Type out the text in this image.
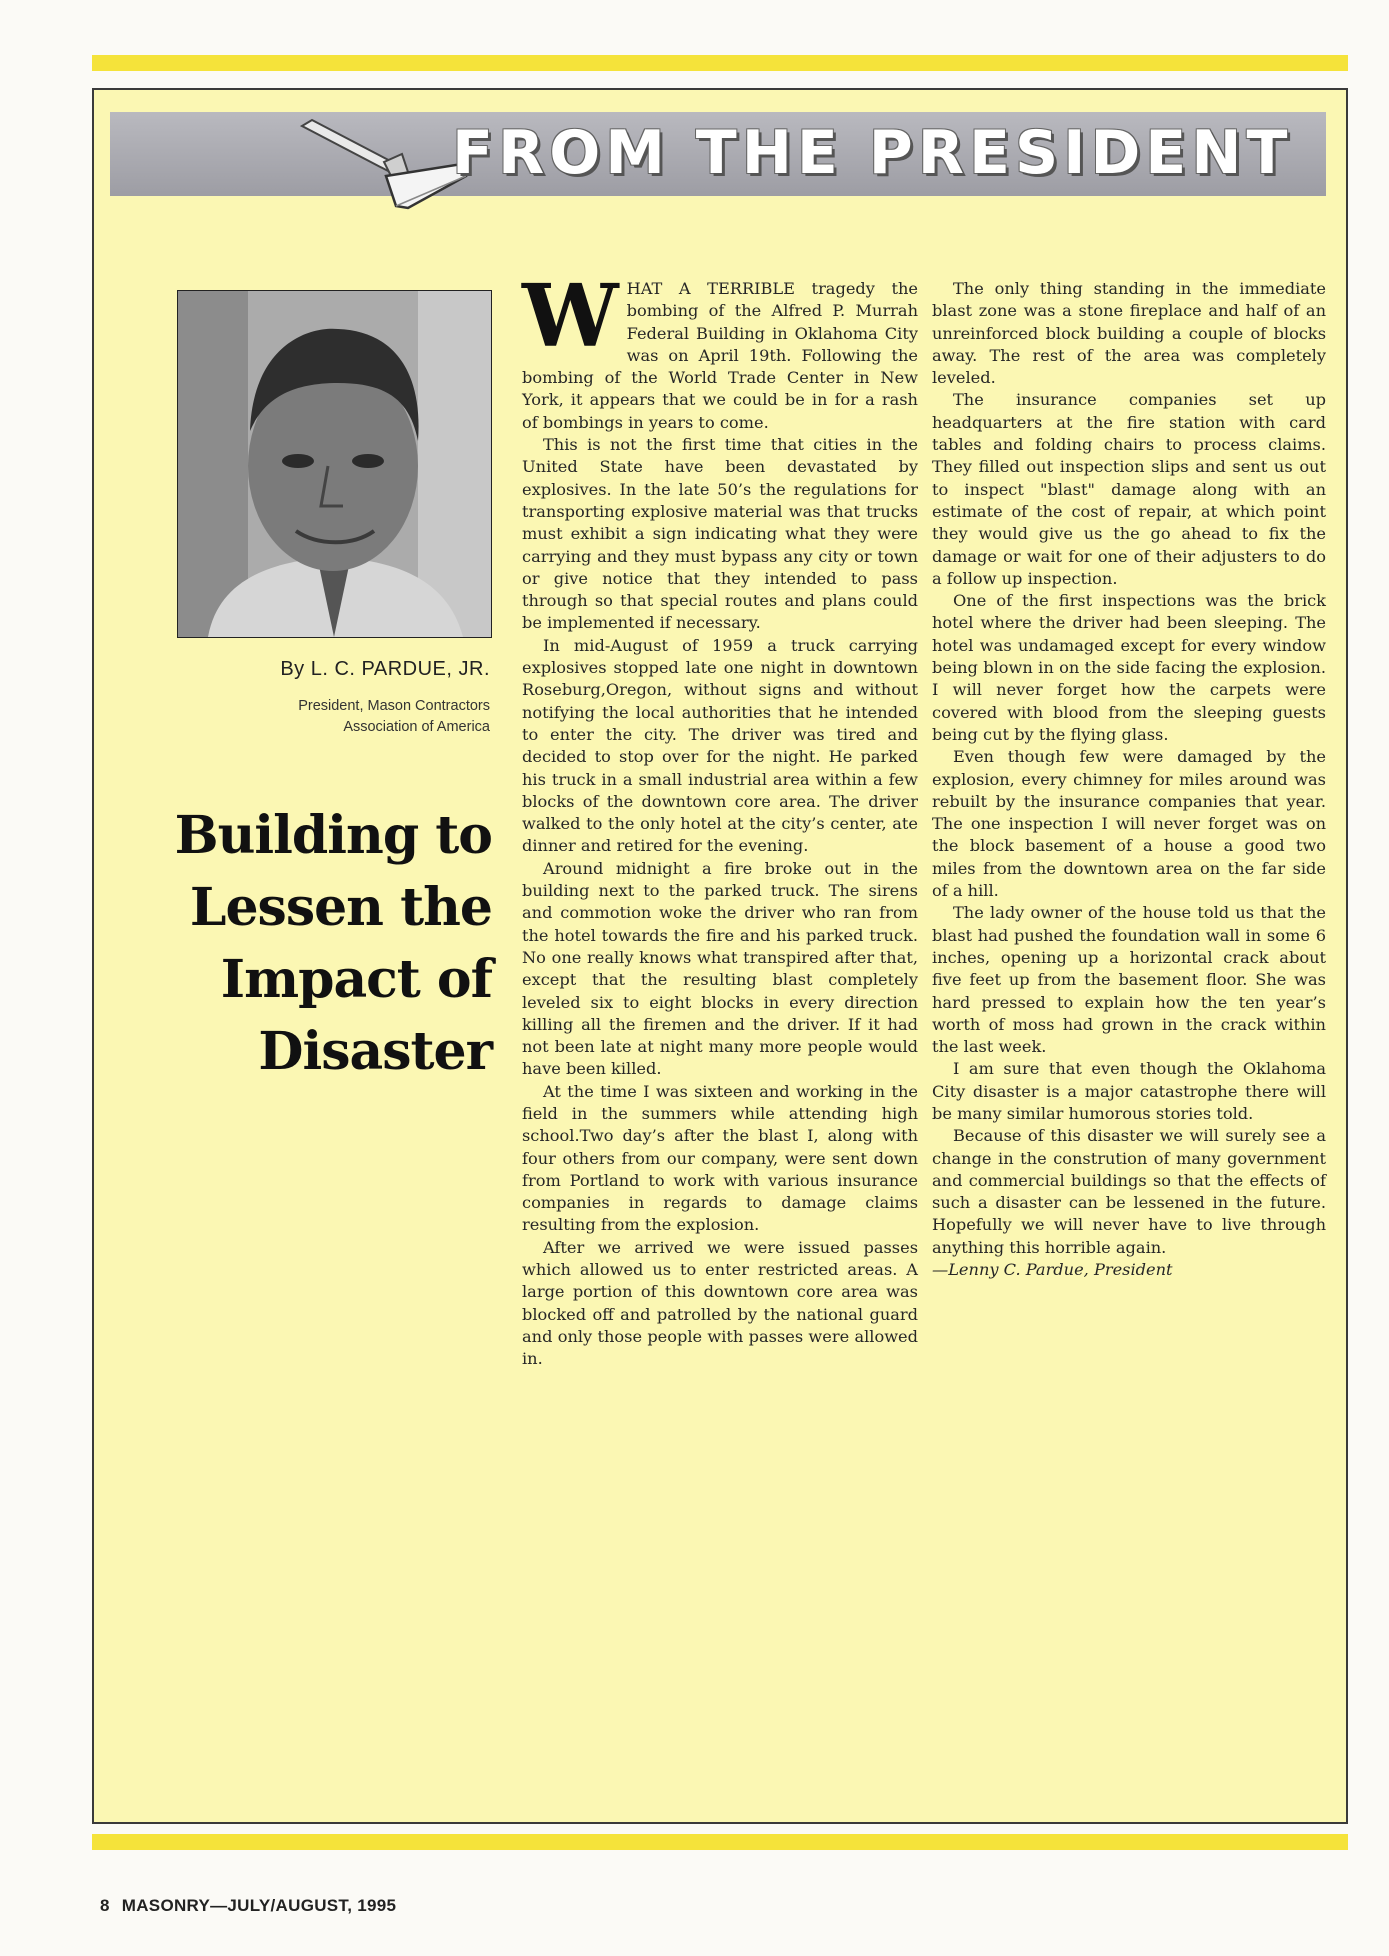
FROM THE PRESIDENT
By L. C. PARDUE, JR.
President, Mason Contractors
Association of America
Building to
Lessen the
Impact of
Disaster

WHAT A TERRIBLE tragedy the bombing of the Alfred P. Murrah Federal Building in Oklahoma City was on April 19th. Following the bombing of the World Trade Center in New York, it appears that we could be in for a rash of bombings in years to come.

This is not the first time that cities in the United State have been devastated by explosives. In the late 50’s the regulations for transporting explosive material was that trucks must exhibit a sign indicating what they were carrying and they must bypass any city or town or give notice that they intended to pass through so that special routes and plans could be implemented if necessary.

In mid-August of 1959 a truck carrying explosives stopped late one night in downtown Roseburg,Oregon, without signs and without notifying the local authorities that he intended to enter the city. The driver was tired and decided to stop over for the night. He parked his truck in a small industrial area within a few blocks of the downtown core area. The driver walked to the only hotel at the city’s center, ate dinner and retired for the evening.

Around midnight a fire broke out in the building next to the parked truck. The sirens and commotion woke the driver who ran from the hotel towards the fire and his parked truck. No one really knows what transpired after that, except that the resulting blast completely leveled six to eight blocks in every direction killing all the firemen and the driver. If it had not been late at night many more people would have been killed.

At the time I was sixteen and working in the field in the summers while attending high school.Two day’s after the blast I, along with four others from our company, were sent down from Portland to work with various insurance companies in regards to damage claims resulting from the explosion.

After we arrived we were issued passes which allowed us to enter restricted areas. A large portion of this downtown core area was blocked off and patrolled by the national guard and only those people with passes were allowed in.

The only thing standing in the immediate blast zone was a stone fireplace and half of an unreinforced block building a couple of blocks away. The rest of the area was completely leveled.

The insurance companies set up headquarters at the fire station with card tables and folding chairs to process claims. They filled out inspection slips and sent us out to inspect "blast" damage along with an estimate of the cost of repair, at which point they would give us the go ahead to fix the damage or wait for one of their adjusters to do a follow up inspection.

One of the first inspections was the brick hotel where the driver had been sleeping. The hotel was undamaged except for every window being blown in on the side facing the explosion. I will never forget how the carpets were covered with blood from the sleeping guests being cut by the flying glass.

Even though few were damaged by the explosion, every chimney for miles around was rebuilt by the insurance companies that year. The one inspection I will never forget was on the block basement of a house a good two miles from the downtown area on the far side of a hill.

The lady owner of the house told us that the blast had pushed the foundation wall in some 6 inches, opening up a horizontal crack about five feet up from the basement floor. She was hard pressed to explain how the ten year’s worth of moss had grown in the crack within the last week.

I am sure that even though the Oklahoma City disaster is a major catastrophe there will be many similar humorous stories told.

Because of this disaster we will surely see a change in the constrution of many government and commercial buildings so that the effects of such a disaster can be lessened in the future. Hopefully we will never have to live through anything this horrible again.

—Lenny C. Pardue, President

8 MASONRY—JULY/AUGUST, 1995
